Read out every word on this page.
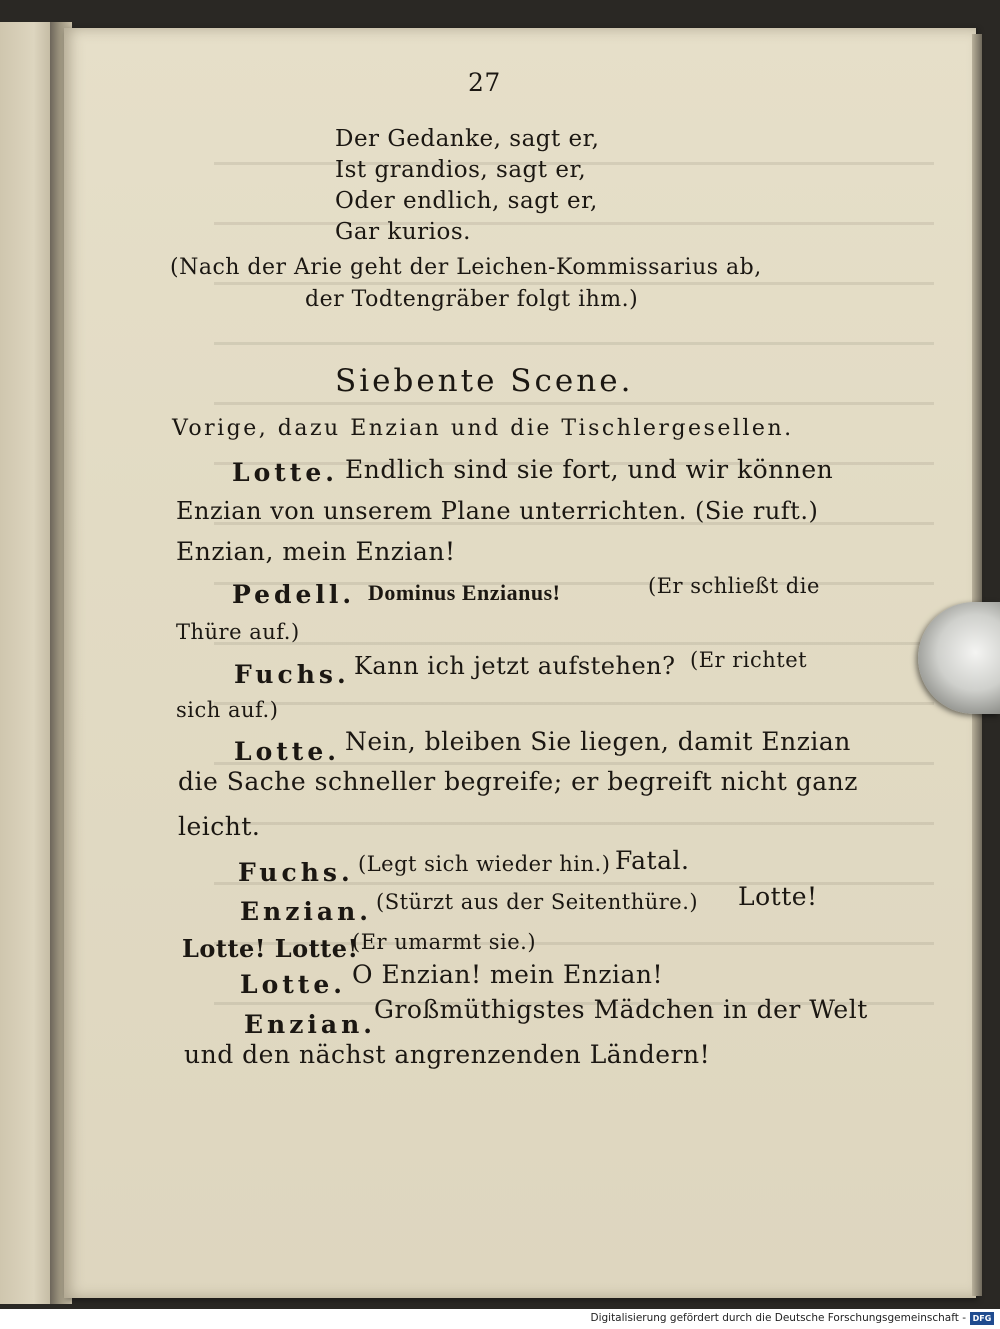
27
Der Gedanke, sagt er,
Ist grandios, sagt er,
Oder endlich, sagt er,
Gar kurios.
(Nach der Arie geht der Leichen-Kommissarius ab,
der Todtengräber folgt ihm.)
Siebente Scene.
Vorige, dazu Enzian und die Tischlergesellen.
Lotte. Endlich sind sie fort, und wir können
Enzian von unserem Plane unterrichten. (Sie ruft.)
Enzian, mein Enzian!
Pedell. Dominus Enzianus!	(Er schließt die
Thüre auf.)
Fuchs. Kann ich jetzt aufstehen? (Er richtet
sich auf.)
Lotte. Nein, bleiben Sie liegen, damit Enzian
die Sache schneller begreife; er begreift nicht ganz
leicht.
Fuchs. (Legt sich wieder hin.) Fatal.
Enzian. (Stürzt aus der Seitenthüre.) Lotte!
Lotte! Lotte!
(Er umarmt sie.)
Lotte. O Enzian! mein Enzian!
Enzian.
Großmüthigstes Mädchen in der Welt
und den nächst angrenzenden Ländern!
Digitalisierung gefördert durch die Deutsche Forschungsgemeinschaft - DFG
